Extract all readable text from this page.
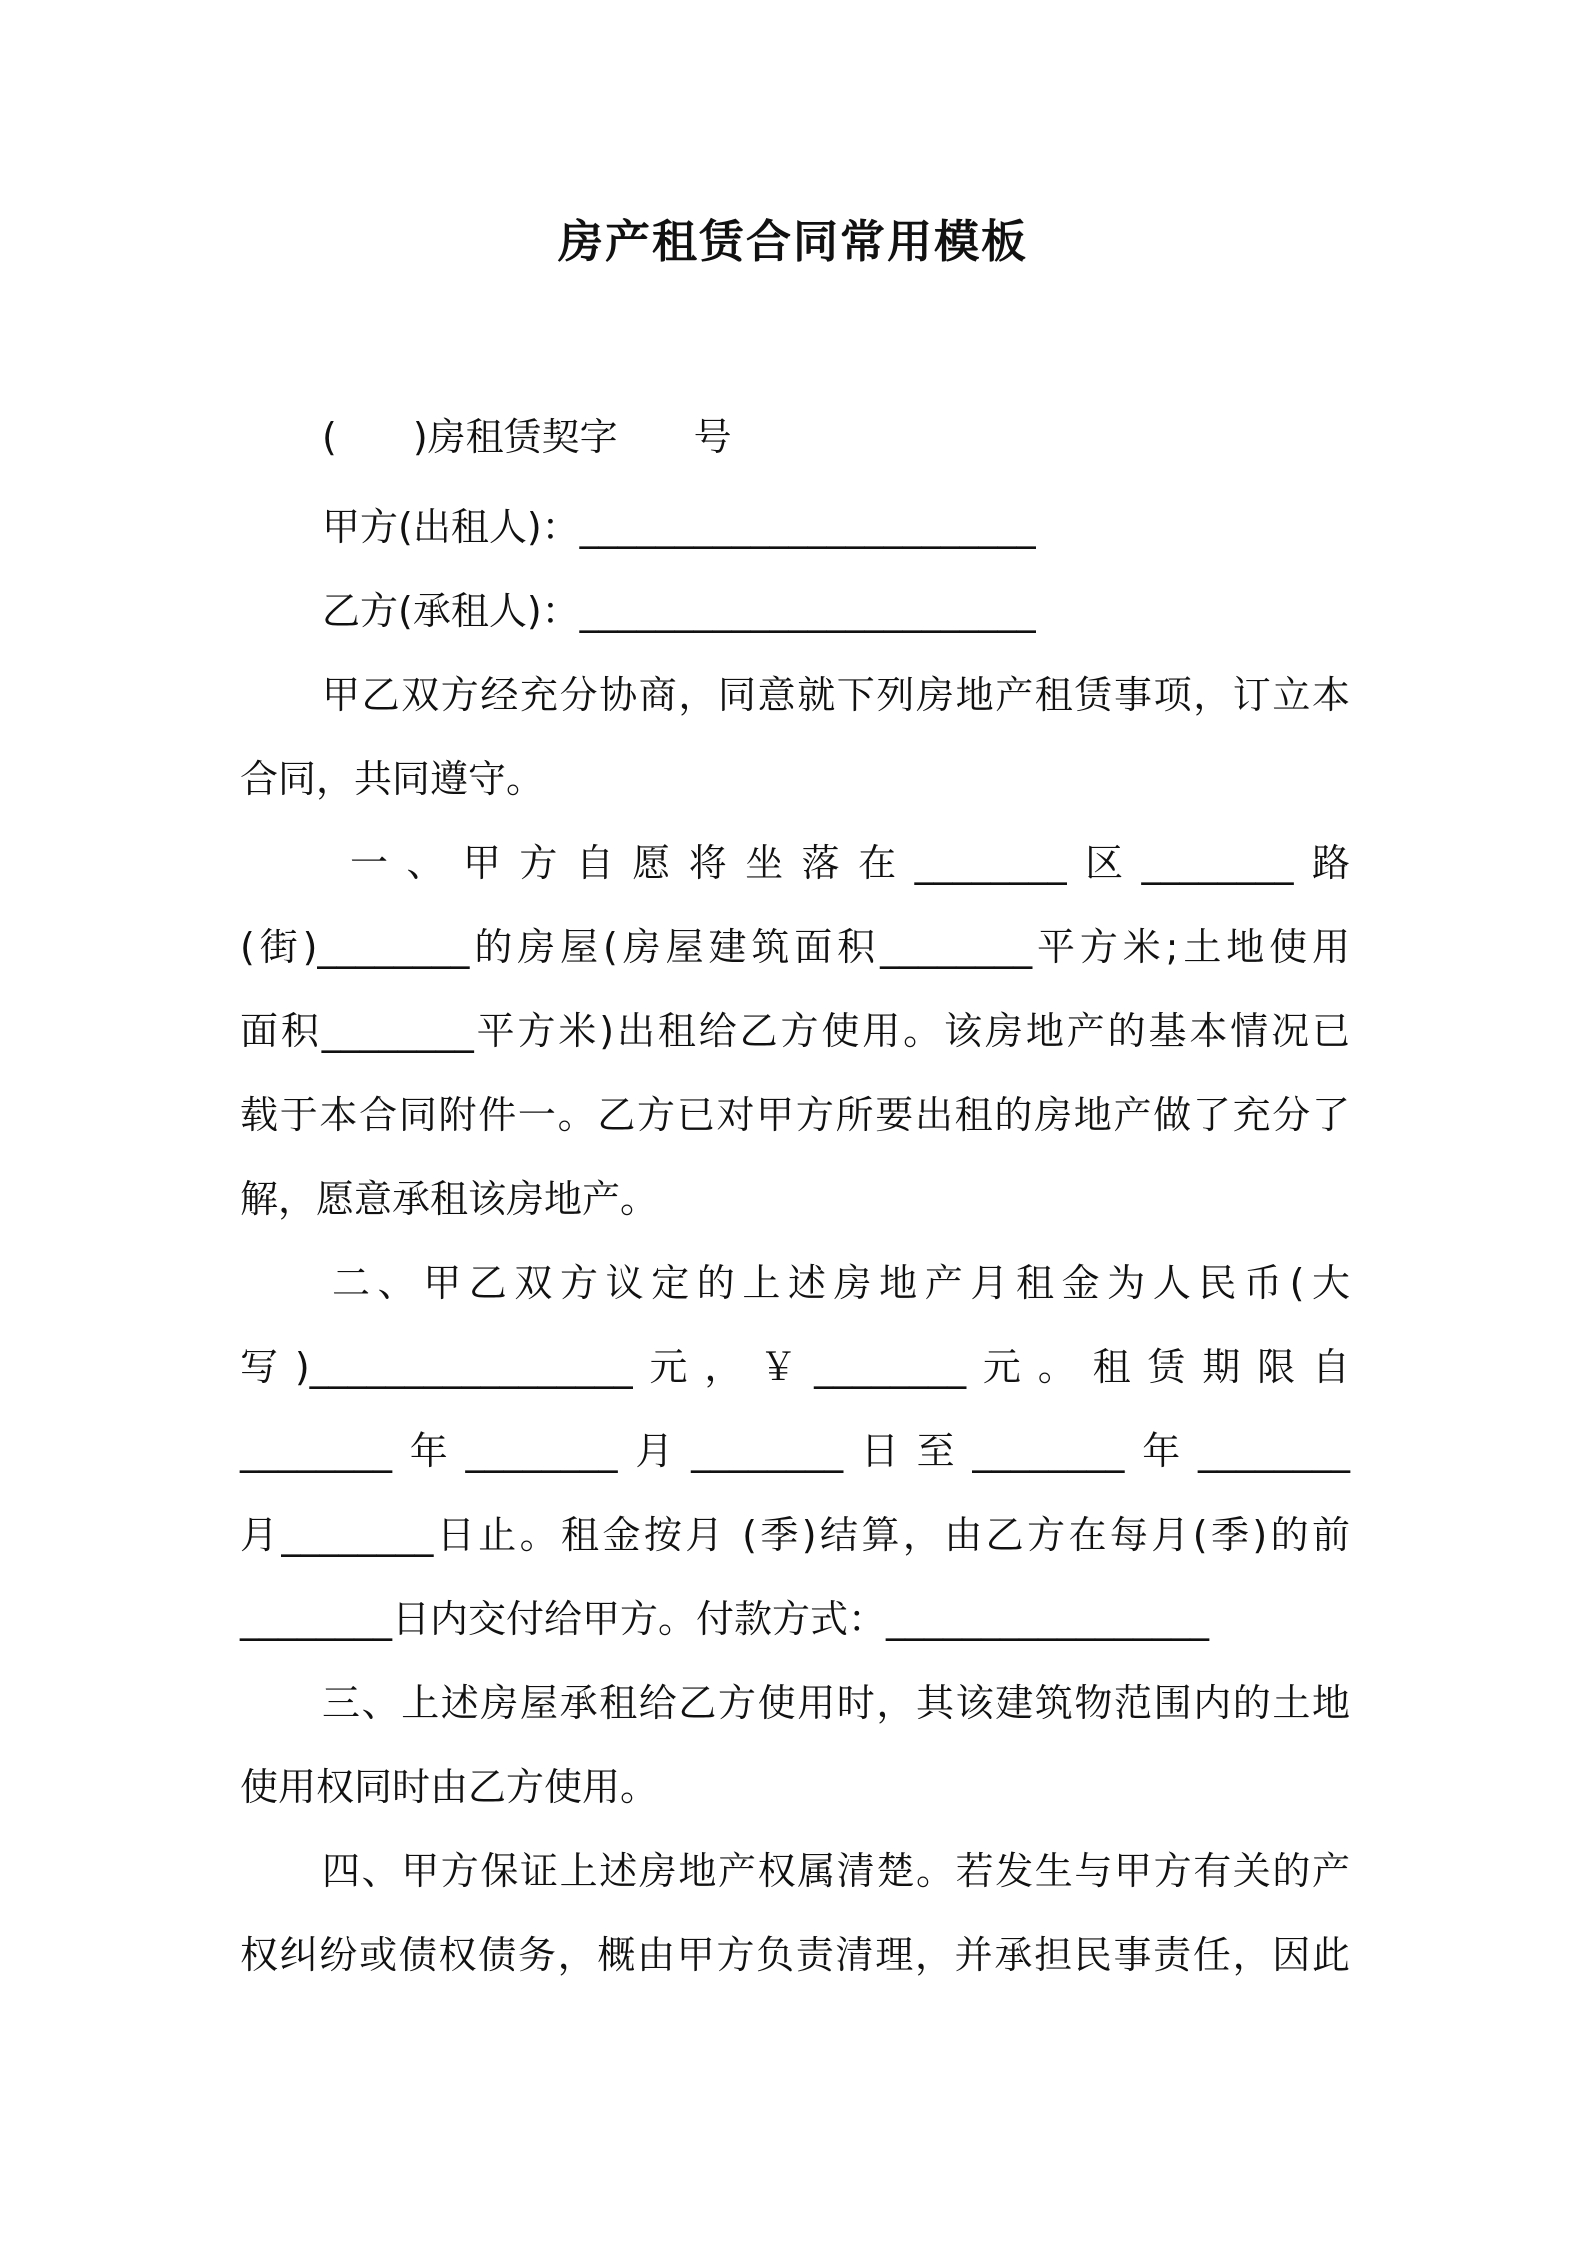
房产租赁合同常用模板
(　　)房租赁契字　　号
甲方(出租人)：________________________
乙方(承租人)：________________________
甲乙双方经充分协商，同意就下列房地产租赁事项，订立本
合同，共同遵守。
一、甲方自愿将坐落在________区________路
(街)________的房屋(房屋建筑面积________平方米;土地使用
面积________平方米)出租给乙方使用。该房地产的基本情况已
载于本合同附件一。乙方已对甲方所要出租的房地产做了充分了
解，愿意承租该房地产。
二、甲乙双方议定的上述房地产月租金为人民币(大
写)_________________元，￥________元。租赁期限自
________年________月________日至________年________
月________日止。租金按月 (季)结算，由乙方在每月(季)的前
________日内交付给甲方。付款方式：_________________
三、上述房屋承租给乙方使用时，其该建筑物范围内的土地
使用权同时由乙方使用。
四、甲方保证上述房地产权属清楚。若发生与甲方有关的产
权纠纷或债权债务，概由甲方负责清理，并承担民事责任，因此
